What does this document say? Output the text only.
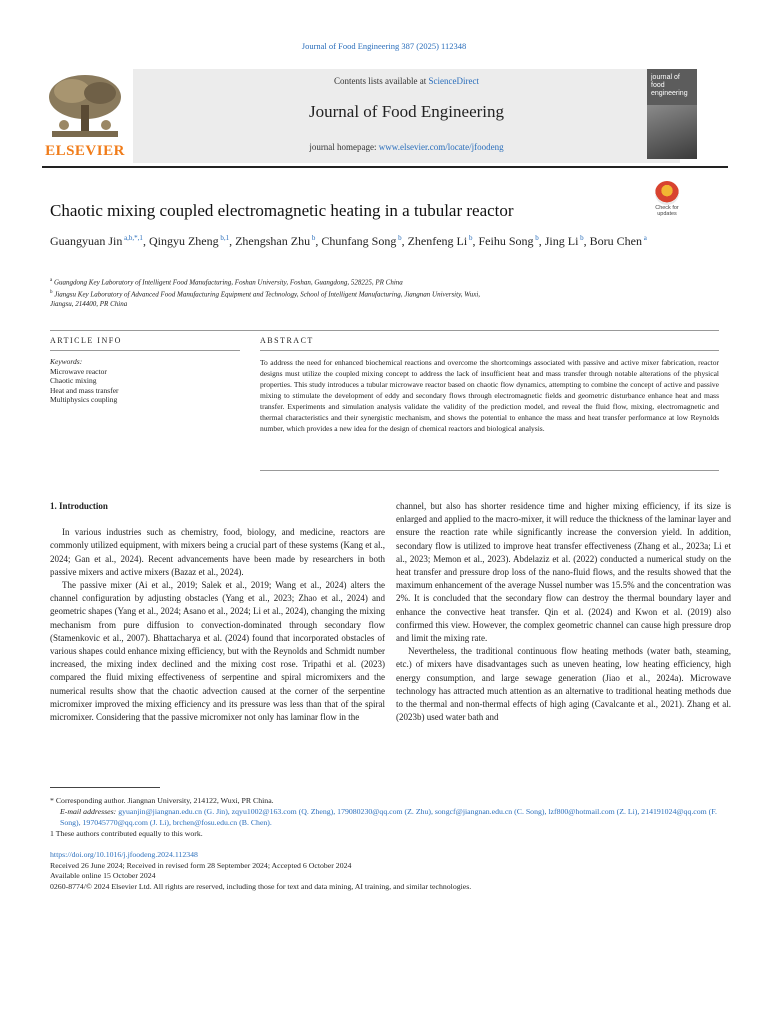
Journal of Food Engineering 387 (2025) 112348
ELSEVIER
Contents lists available at ScienceDirect
Journal of Food Engineering
journal homepage: www.elsevier.com/locate/jfoodeng
journal of
food engineering
Chaotic mixing coupled electromagnetic heating in a tubular reactor	Check for
updates
Guangyuan Jin $^{a,b,*,1}$, Qingyu Zheng $^{b,1}$, Zhengshan Zhu $^b$, Chunfang Song $^b$, Zhenfeng Li $^b$, Feihu Song $^b$, Jing Li $^b$, Boru Chen $^a$
$^a$ Guangdong Key Laboratory of Intelligent Food Manufacturing, Foshan University, Foshan, Guangdong, 528225, PR China
$^b$ Jiangsu Key Laboratory of Advanced Food Manufacturing Equipment and Technology, School of Intelligent Manufacturing, Jiangnan University, Wuxi, Jiangsu, 214400, PR China
ARTICLE INFO	ABSTRACT
Keywords:
Microwave reactor
Chaotic mixing
Heat and mass transfer
Multiphysics coupling
To address the need for enhanced biochemical reactions and overcome the shortcomings associated with passive and active mixer fabrication, reactor designs must utilize the coupled mixing concept to address the lack of insufficient heat and mass transfer through notable alterations of the physical properties. This study introduces a tubular microwave reactor based on chaotic flow dynamics, attempting to combine the concept of active and passive mixing to stimulate the development of eddy and secondary flows through electromagnetic fields and geometric disturbance enhance heat and mass transfer. Experiments and simulation analysis validate the validity of the prediction model, and reveal the fluid flow, mixing, electromagnetic and thermal characteristics and their synergistic mechanism, and shows the potential to enhance the mass and heat transfer performance at low Reynolds number, which provides a new idea for the design of chemical reactors and biological analysis.
1. Introduction

In various industries such as chemistry, food, biology, and medicine, reactors are commonly utilized equipment, with mixers being a crucial part of these systems (Kang et al., 2024; Gan et al., 2024). Recent advancements have been made by researchers in both passive mixers and active mixers (Bazaz et al., 2024).

The passive mixer (Ai et al., 2019; Salek et al., 2019; Wang et al., 2024) alters the channel configuration by adjusting obstacles (Yang et al., 2023; Zhao et al., 2024) and geometric shapes (Yang et al., 2024; Asano et al., 2024; Li et al., 2024), changing the mixing mechanism from pure diffusion to convection-dominated through secondary flow (Stamenkovic et al., 2007). Bhattacharya et al. (2024) found that incorporated obstacles of various shapes could enhance mixing efficiency, but with the Reynolds and Schmidt number increased, the mixing index declined and the mixing cost rose. Tripathi et al. (2023) compared the fluid mixing effectiveness of serpentine and spiral micromixers and the numerical results show that the chaotic advection caused at the corner of the serpentine micromixer improved the mixing efficiency and its pressure was less than that of the spiral micromixer. Considering that the passive micromixer not only has laminar flow in the

channel, but also has shorter residence time and higher mixing efficiency, if its size is enlarged and applied to the macro-mixer, it will reduce the thickness of the laminar layer and ensure the reaction rate while significantly increase the conversion yield. In addition, secondary flow is utilized to improve heat transfer effectiveness (Zhang et al., 2023a; Li et al., 2023; Memon et al., 2023). Abdelaziz et al. (2022) conducted a numerical study on the heat transfer and pressure drop loss of the nano-fluid flows, and the results showed that the maximum enhancement of the average Nussel number was 15.5% and the concentration was 2%. It is concluded that the secondary flow can destroy the thermal boundary layer and enhance the convective heat transfer. Qin et al. (2024) and Kwon et al. (2019) also confirmed this view. However, the complex geometric channel can cause high pressure drop and limit the mixing rate.

Nevertheless, the traditional continuous flow heating methods (water bath, steaming, etc.) of mixers have disadvantages such as uneven heating, low heating efficiency, high energy consumption, and large sewage generation (Jiao et al., 2024a). Microwave technology has attracted much attention as an alternative to traditional heating methods due to the thermal and non-thermal effects of high aging (Cavalcante et al., 2021). Zhang et al. (2023b) used water bath and

* Corresponding author. Jiangnan University, 214122, Wuxi, PR China.

E-mail addresses: gyuanjin@jiangnan.edu.cn (G. Jin), zqyu1002@163.com (Q. Zheng), 179080230@qq.com (Z. Zhu), songcf@jiangnan.edu.cn (C. Song), lzf800@hotmail.com (Z. Li), 214191024@qq.com (F. Song), 197045770@qq.com (J. Li), brchen@fosu.edu.cn (B. Chen).

1 These authors contributed equally to this work.

https://doi.org/10.1016/j.jfoodeng.2024.112348
Received 26 June 2024; Received in revised form 28 September 2024; Accepted 6 October 2024
Available online 15 October 2024
0260-8774/© 2024 Elsevier Ltd. All rights are reserved, including those for text and data mining, AI training, and similar technologies.
